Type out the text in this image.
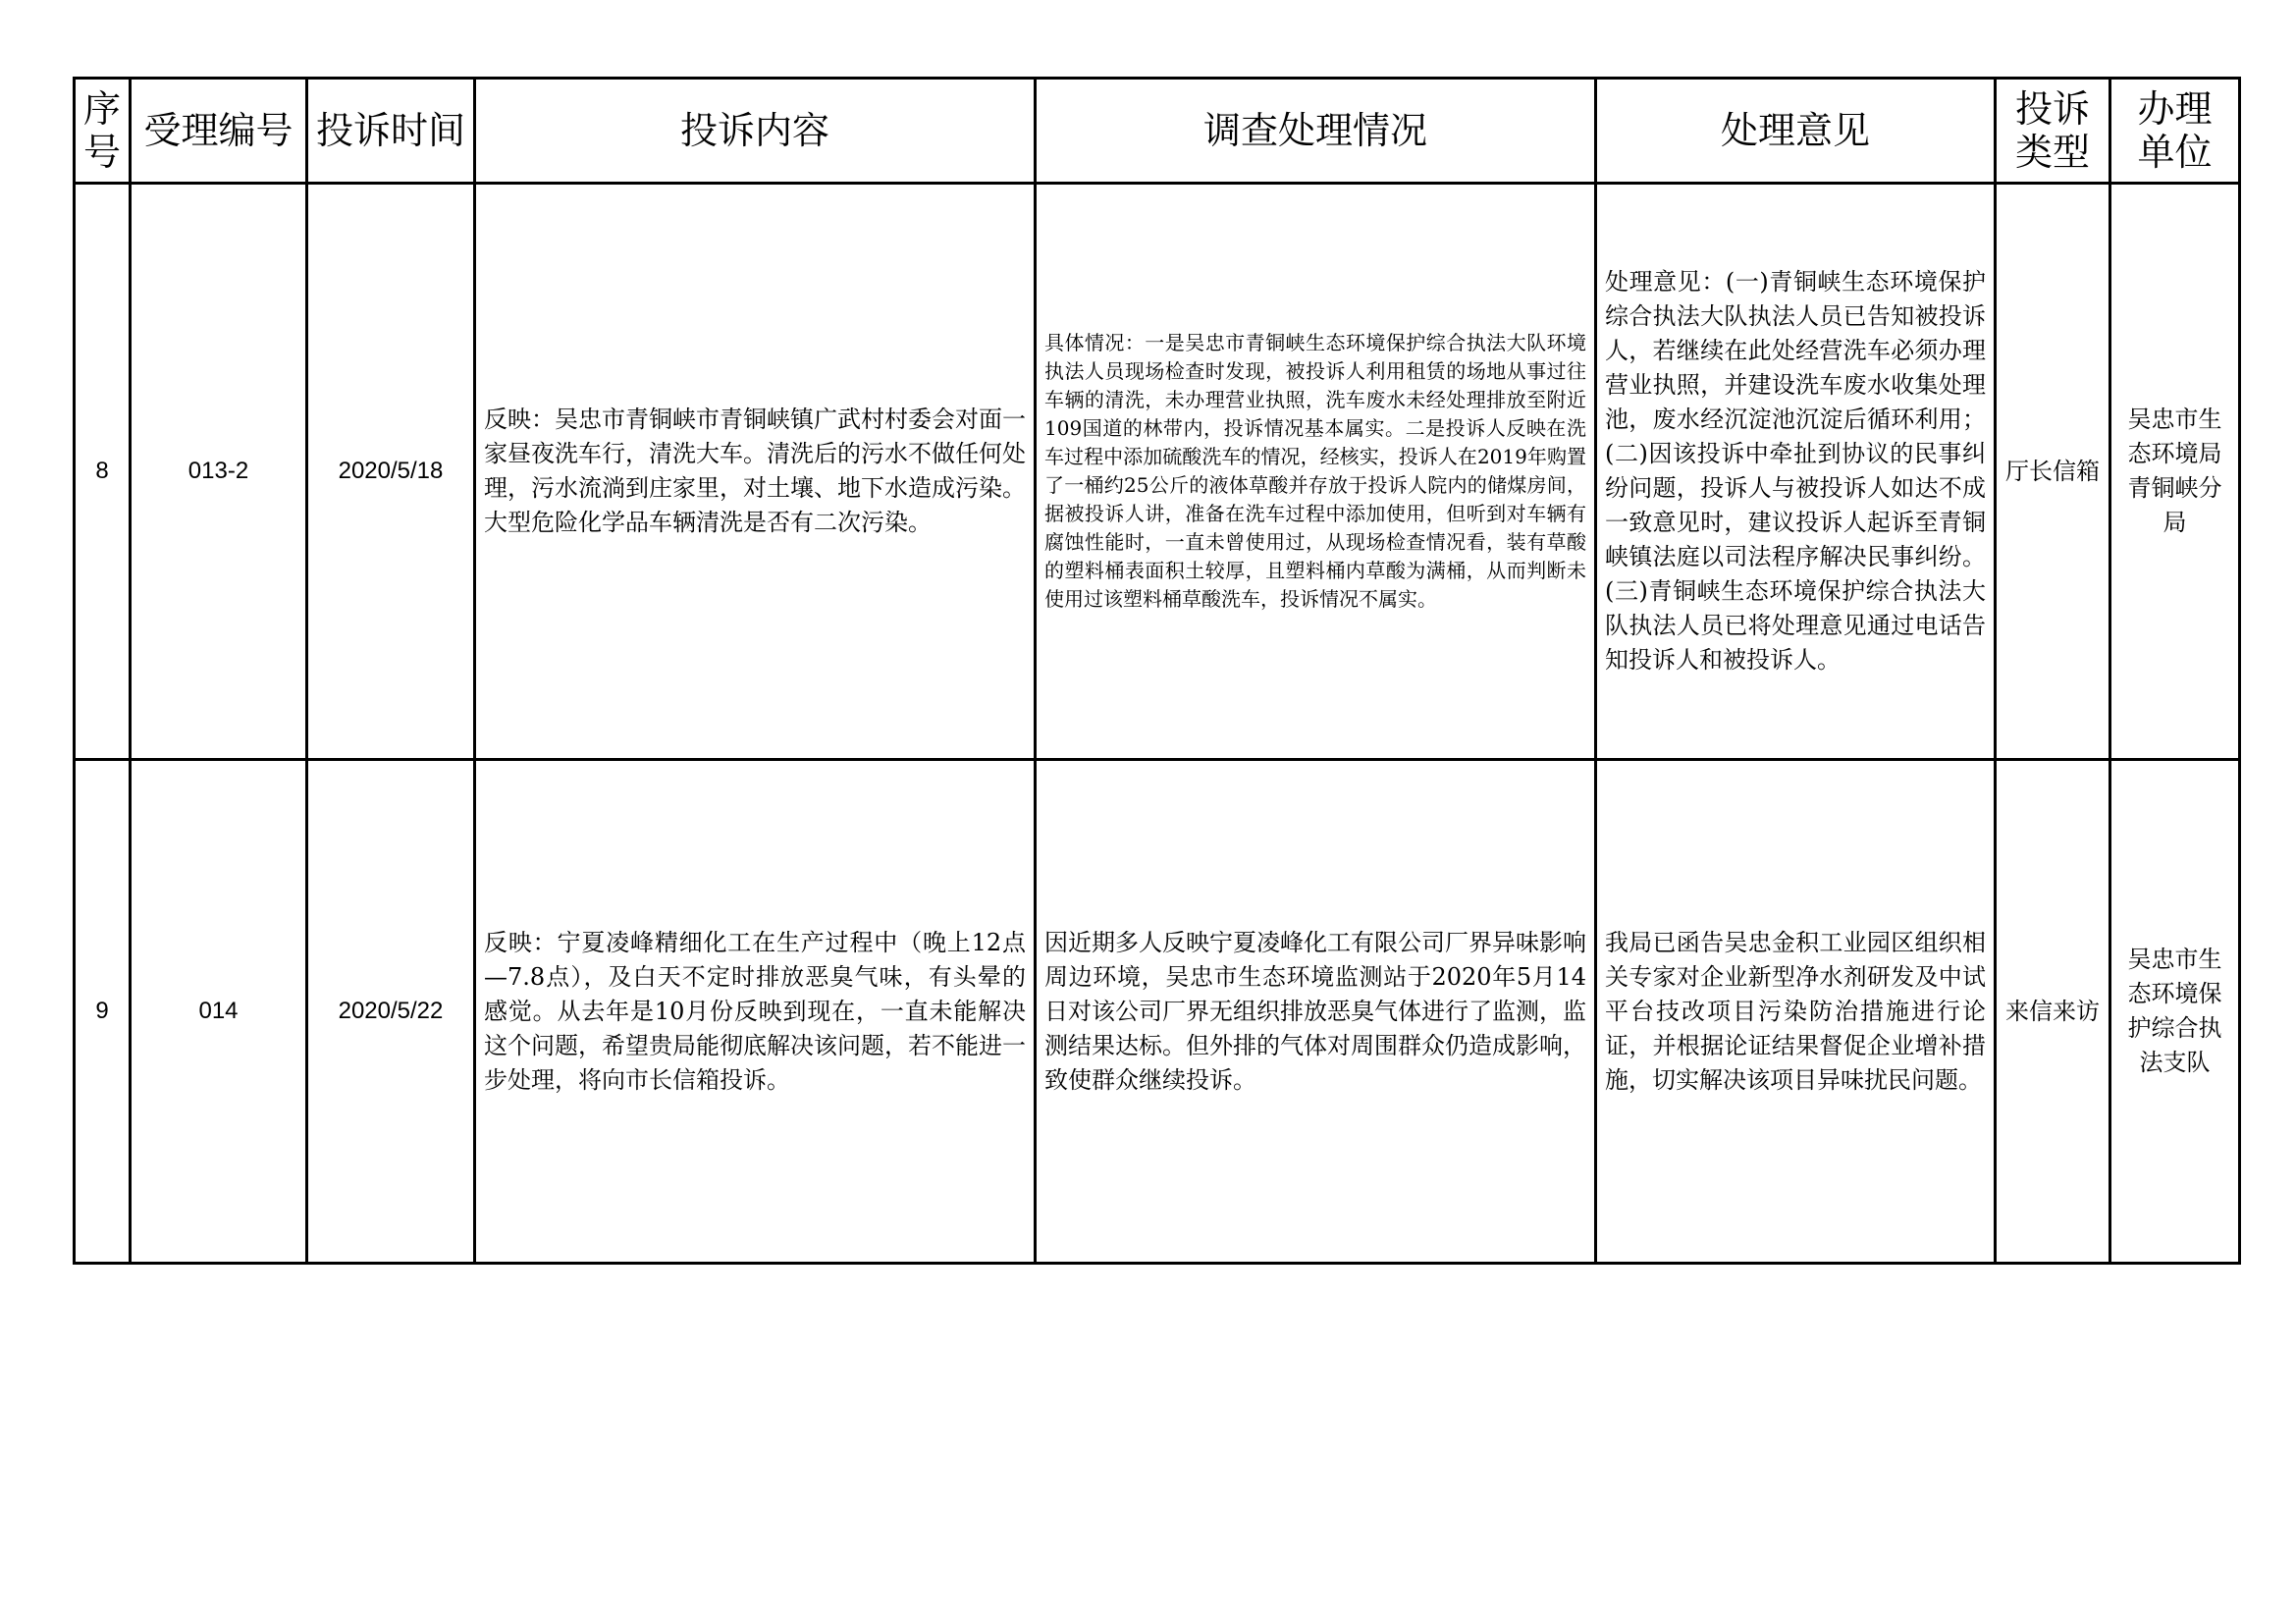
序号	受理编号	投诉时间	投诉内容	调查处理情况	处理意见	投诉类型	办理单位
8	013-2	2020/5/18	反映：吴忠市青铜峡市青铜峡镇广武村村委会对面一家昼夜洗车行，清洗大车。清洗后的污水不做任何处理，污水流淌到庄家里，对土壤、地下水造成污染。大型危险化学品车辆清洗是否有二次污染。	具体情况：一是吴忠市青铜峡生态环境保护综合执法大队环境执法人员现场检查时发现，被投诉人利用租赁的场地从事过往车辆的清洗，未办理营业执照，洗车废水未经处理排放至附近109国道的林带内，投诉情况基本属实。二是投诉人反映在洗车过程中添加硫酸洗车的情况，经核实，投诉人在2019年购置了一桶约25公斤的液体草酸并存放于投诉人院内的储煤房间，据被投诉人讲，准备在洗车过程中添加使用，但听到对车辆有腐蚀性能时，一直未曾使用过，从现场检查情况看，装有草酸的塑料桶表面积土较厚，且塑料桶内草酸为满桶，从而判断未使用过该塑料桶草酸洗车，投诉情况不属实。	处理意见：(一)青铜峡生态环境保护综合执法大队执法人员已告知被投诉人，若继续在此处经营洗车必须办理营业执照，并建设洗车废水收集处理池，废水经沉淀池沉淀后循环利用；(二)因该投诉中牵扯到协议的民事纠纷问题，投诉人与被投诉人如达不成一致意见时，建议投诉人起诉至青铜峡镇法庭以司法程序解决民事纠纷。(三)青铜峡生态环境保护综合执法大队执法人员已将处理意见通过电话告知投诉人和被投诉人。	厅长信箱	吴忠市生态环境局青铜峡分局
9	014	2020/5/22	反映：宁夏凌峰精细化工在生产过程中（晚上12点—7.8点），及白天不定时排放恶臭气味，有头晕的感觉。从去年是10月份反映到现在，一直未能解决这个问题，希望贵局能彻底解决该问题，若不能进一步处理，将向市长信箱投诉。	因近期多人反映宁夏凌峰化工有限公司厂界异味影响周边环境，吴忠市生态环境监测站于2020年5月14日对该公司厂界无组织排放恶臭气体进行了监测，监测结果达标。但外排的气体对周围群众仍造成影响，致使群众继续投诉。	我局已函告吴忠金积工业园区组织相关专家对企业新型净水剂研发及中试平台技改项目污染防治措施进行论证，并根据论证结果督促企业增补措施，切实解决该项目异味扰民问题。	来信来访	吴忠市生态环境保护综合执法支队
